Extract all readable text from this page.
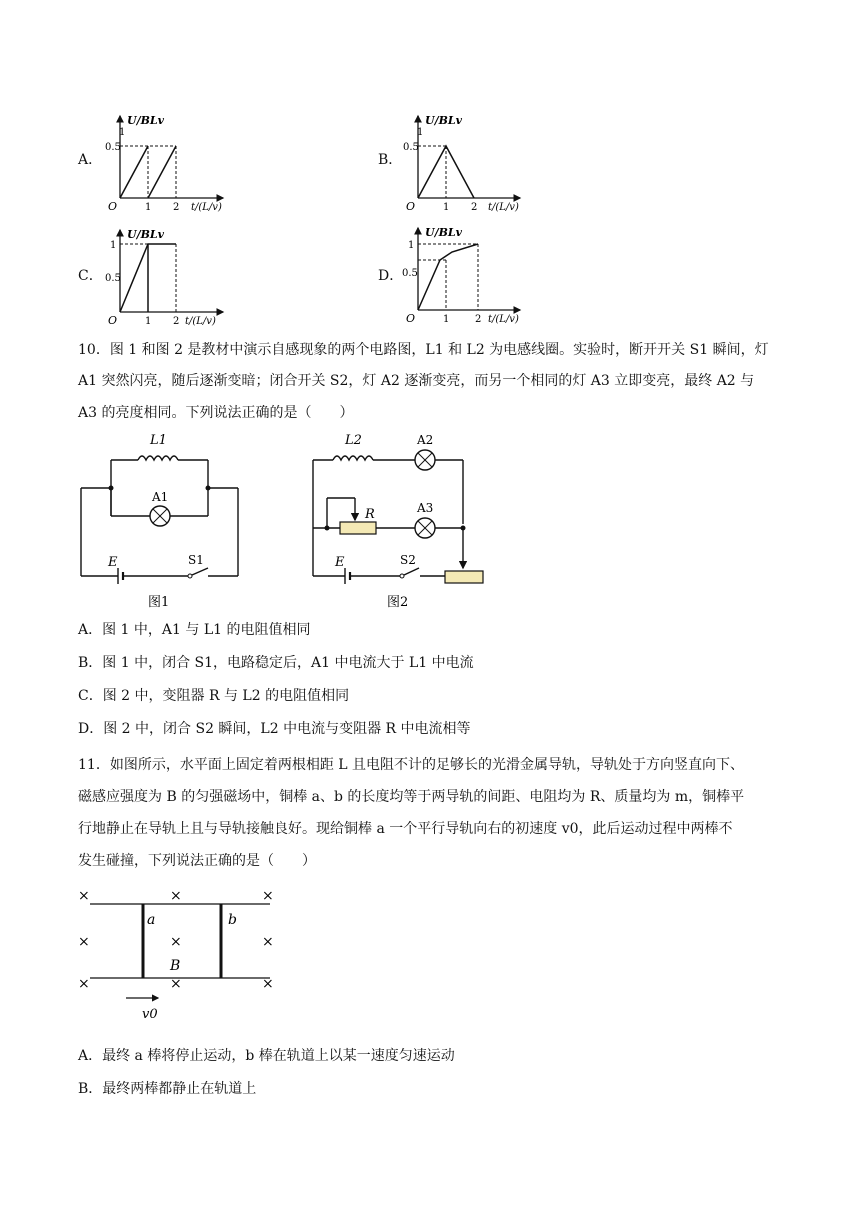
A．
1
0.5
O	1 2 t/(L/v)
U/BLv
B．
1
0.5
O	1 2 t/(L/v)
U/BLv
C．
1
0.5
O	1 2 t/(L/v)
U/BLv
D．
1
0.5
O	1	2 t/(L/v)
U/BLv
10．图 1 和图 2 是教材中演示自感现象的两个电路图，L1 和 L2 为电感线圈。实验时，断开开关 S1 瞬间，灯
A1 突然闪亮，随后逐渐变暗；闭合开关 S2，灯 A2 逐渐变亮，而另一个相同的灯 A3 立即变亮，最终 A2 与
A3 的亮度相同。下列说法正确的是（　　）
L1
A1
E	S1
图1
L2	A2
A3
R
E	S2
图2
A．图 1 中，A1 与 L1 的电阻值相同
B．图 1 中，闭合 S1，电路稳定后，A1 中电流大于 L1 中电流
C．图 2 中，变阻器 R 与 L2 的电阻值相同
D．图 2 中，闭合 S2 瞬间，L2 中电流与变阻器 R 中电流相等
11．如图所示，水平面上固定着两根相距 L 且电阻不计的足够长的光滑金属导轨，导轨处于方向竖直向下、
磁感应强度为 B 的匀强磁场中，铜棒 a、b 的长度均等于两导轨的间距、电阻均为 R、质量均为 m，铜棒平
行地静止在导轨上且与导轨接触良好。现给铜棒 a 一个平行导轨向右的初速度 v0，此后运动过程中两棒不
发生碰撞，下列说法正确的是（　　）
×	×	×
×	×	×
×	×	×
a	b
B
v0
A．最终 a 棒将停止运动，b 棒在轨道上以某一速度匀速运动
B．最终两棒都静止在轨道上
